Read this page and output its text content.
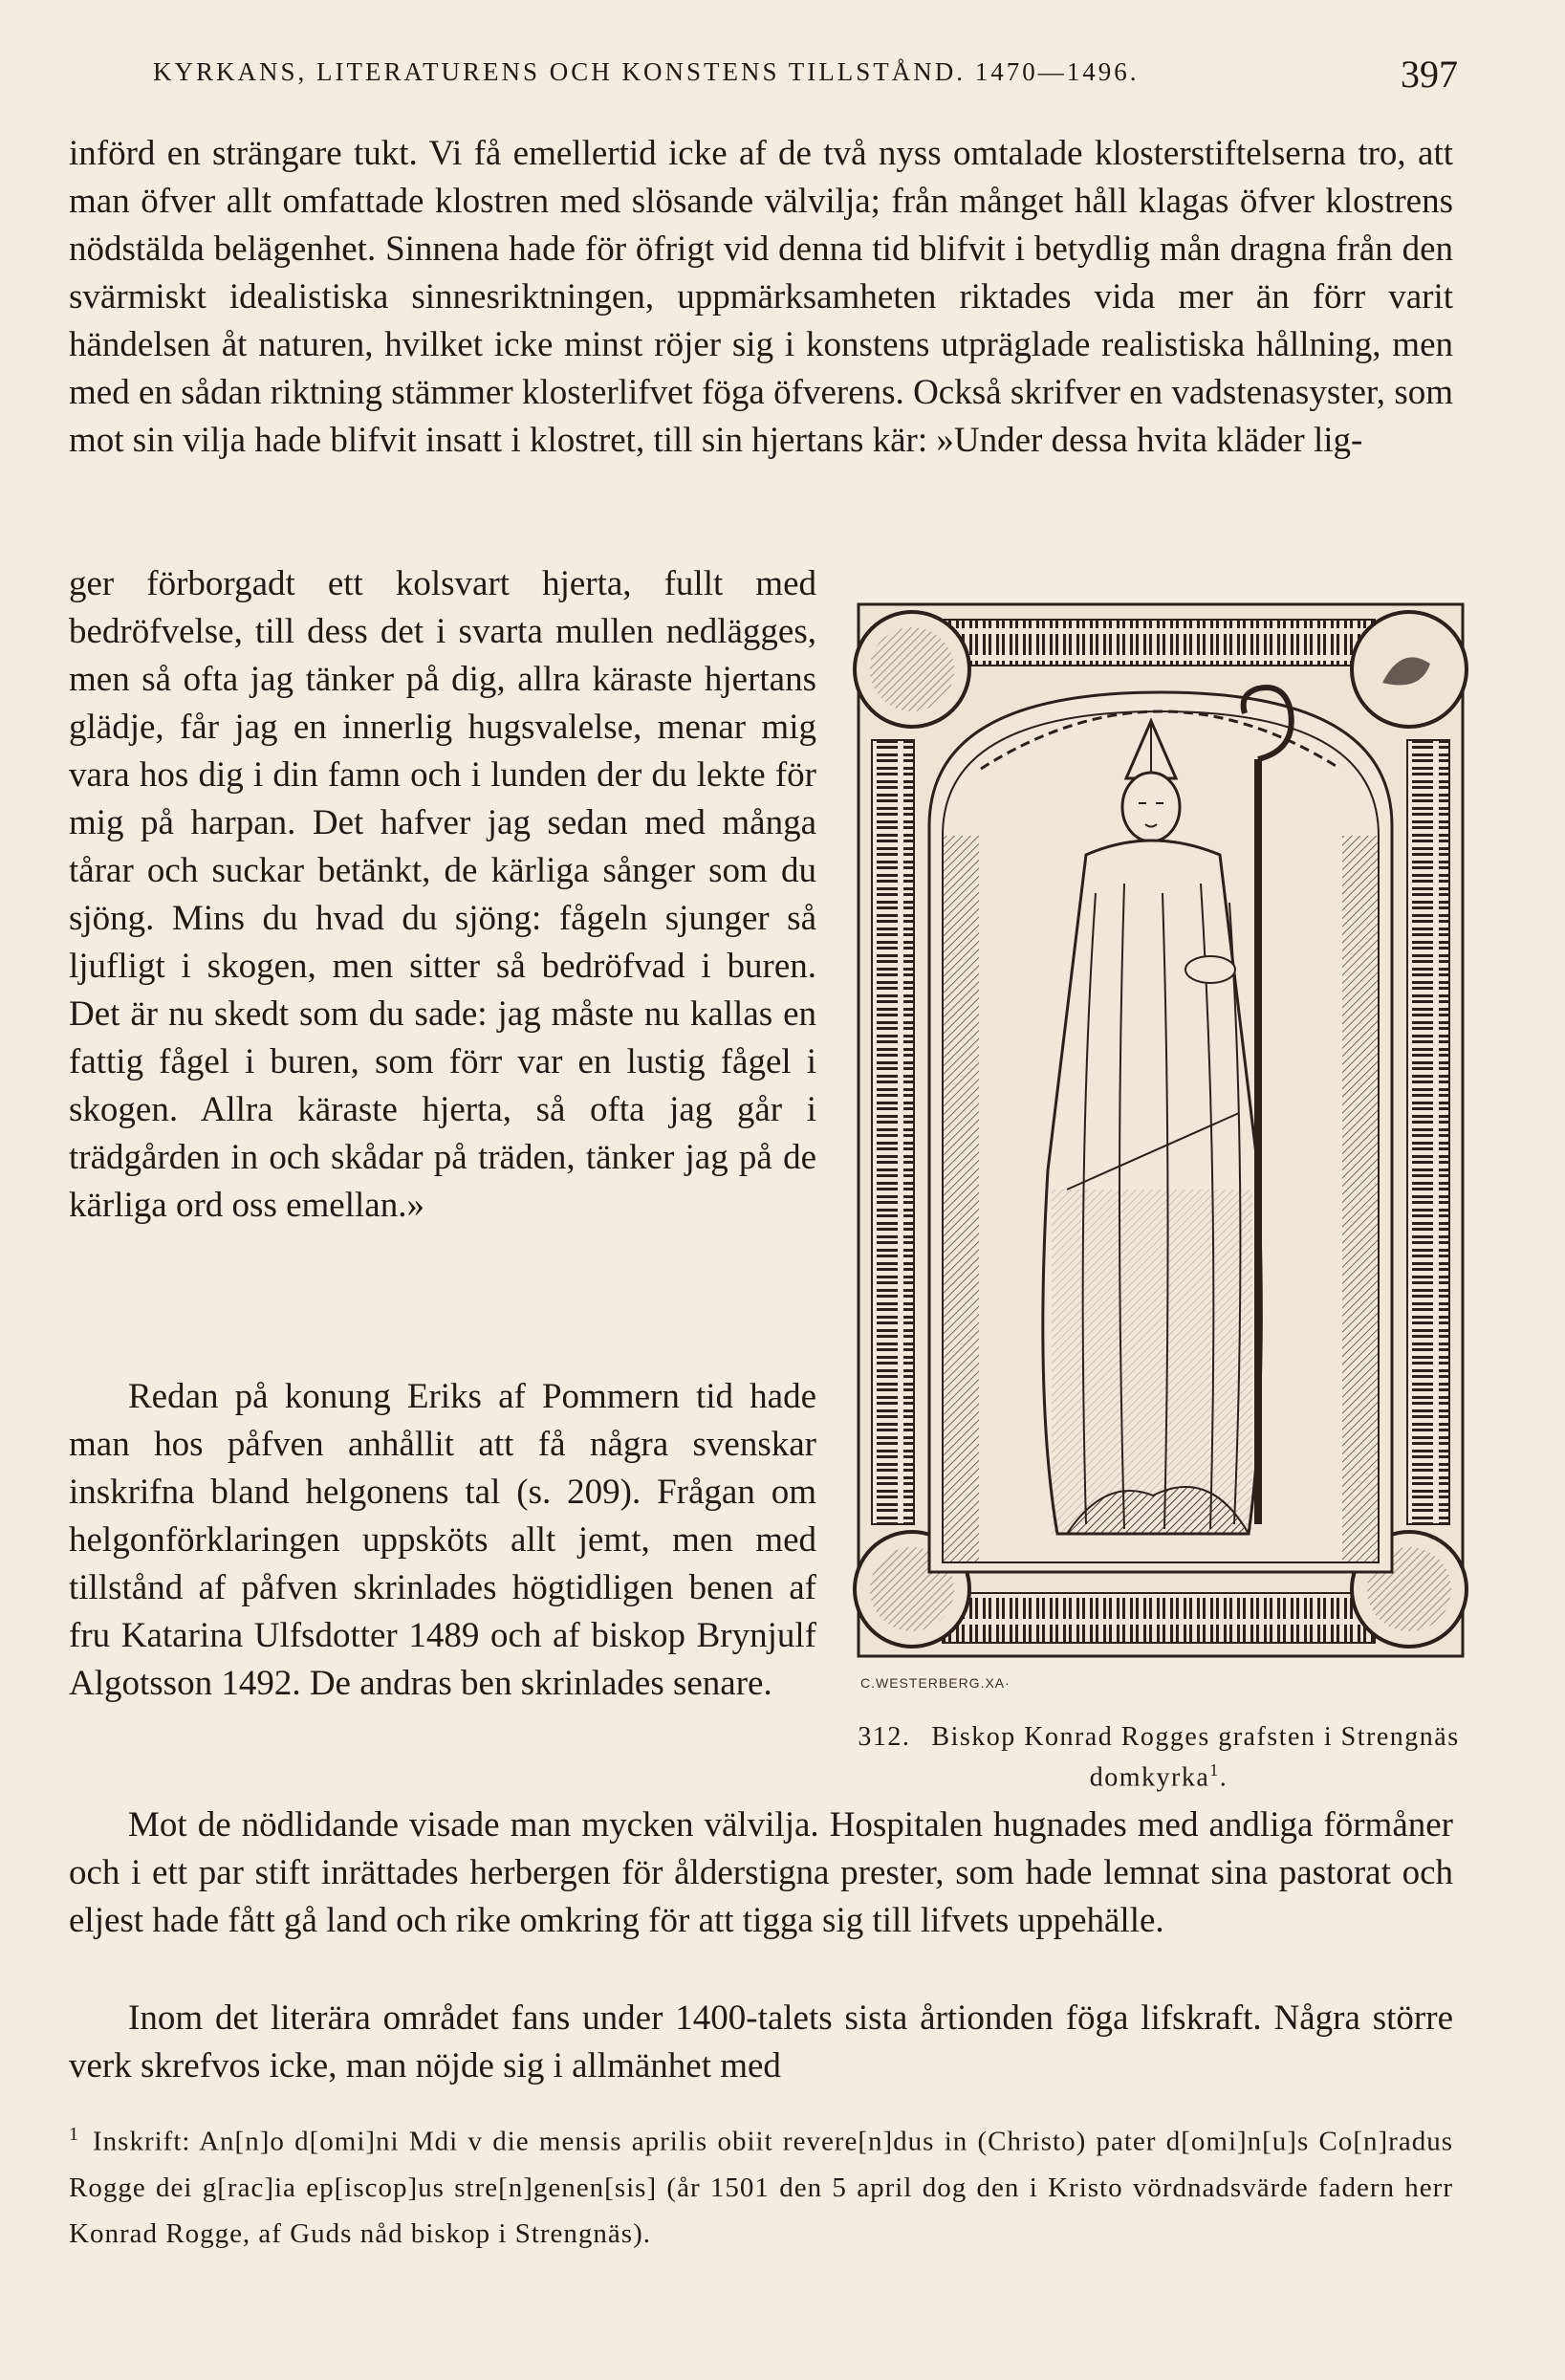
KYRKANS, LITERATURENS OCH KONSTENS TILLSTÅND. 1470—1496.	397

införd en strängare tukt. Vi få emellertid icke af de två nyss omtalade klosterstiftelserna tro, att man öfver allt omfattade klostren med slösande välvilja; från månget håll klagas öfver klostrens nödstälda belägenhet. Sinnena hade för öfrigt vid denna tid blifvit i betydlig mån dragna från den svärmiskt idealistiska sinnesriktningen, uppmärksamheten riktades vida mer än förr varit händelsen åt naturen, hvilket icke minst röjer sig i konstens utpräglade realistiska hållning, men med en sådan riktning stämmer klosterlifvet föga öfverens. Också skrifver en vadstenasyster, som mot sin vilja hade blifvit insatt i klostret, till sin hjertans kär: »Under dessa hvita kläder lig-

ger förborgadt ett kolsvart hjerta, fullt med bedröfvelse, till dess det i svarta mullen nedlägges, men så ofta jag tänker på dig, allra käraste hjertans glädje, får jag en innerlig hugsvalelse, menar mig vara hos dig i din famn och i lunden der du lekte för mig på harpan. Det hafver jag sedan med många tårar och suckar betänkt, de kärliga sånger som du sjöng. Mins du hvad du sjöng: fågeln sjunger så ljufligt i skogen, men sitter så bedröfvad i buren. Det är nu skedt som du sade: jag måste nu kallas en fattig fågel i buren, som förr var en lustig fågel i skogen. Allra käraste hjerta, så ofta jag går i trädgården in och skådar på träden, tänker jag på de kärliga ord oss emellan.»

Redan på konung Eriks af Pommern tid hade man hos påfven anhållit att få några svenskar inskrifna bland helgonens tal (s. 209). Frågan om helgonförklaringen uppsköts allt jemt, men med tillstånd af påfven skrinlades högtidligen benen af fru Katarina Ulfsdotter 1489 och af biskop Brynjulf Algotsson 1492. De andras ben skrinlades senare.

Mot de nödlidande visade man mycken välvilja. Hospitalen hugnades med andliga förmåner och i ett par stift inrättades herbergen för ålderstigna prester, som hade lemnat sina pastorat och eljest hade fått gå land och rike omkring för att tigga sig till lifvets uppehälle.

Inom det literära området fans under 1400-talets sista årtionden föga lifskraft. Några större verk skrefvos icke, man nöjde sig i allmänhet med

C.WESTERBERG.XA·
312. Biskop Konrad Rogges grafsten i Strengnäs domkyrka$^1$.

$^1$ Inskrift: An[n]o d[omi]ni Mdi v die mensis aprilis obiit revere[n]dus in (Christo) pater d[omi]n[u]s Co[n]radus Rogge dei g[rac]ia ep[iscop]us stre[n]genen[sis] (år 1501 den 5 april dog den i Kristo vördnadsvärde fadern herr Konrad Rogge, af Guds nåd biskop i Strengnäs).
